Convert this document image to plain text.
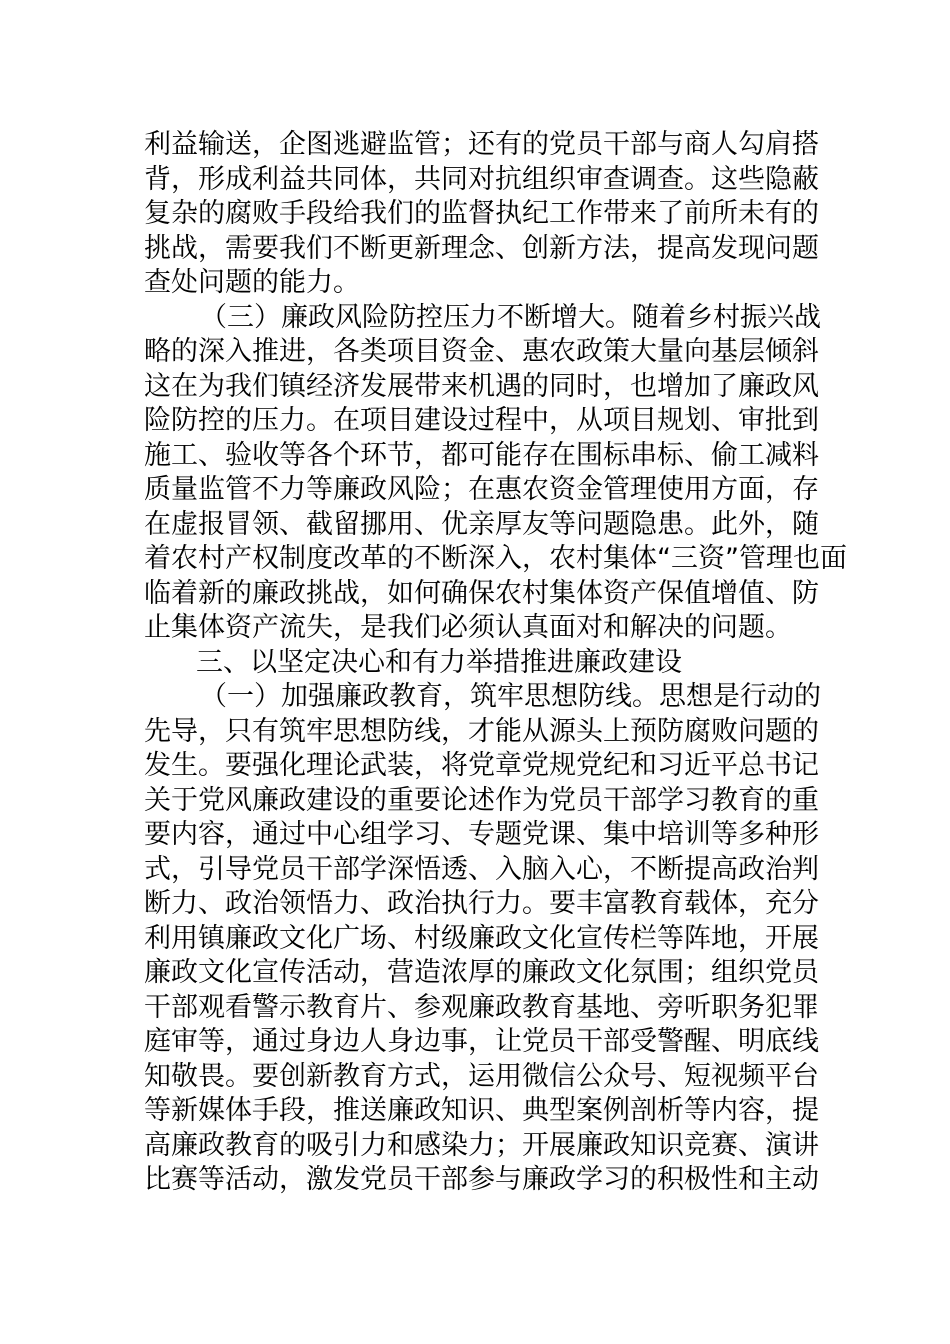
利益输送，企图逃避监管；还有的党员干部与商人勾肩搭
背，形成利益共同体，共同对抗组织审查调查。这些隐蔽
复杂的腐败手段给我们的监督执纪工作带来了前所未有的
挑战，需要我们不断更新理念、创新方法，提高发现问题
查处问题的能力。
（三）廉政风险防控压力不断增大。随着乡村振兴战
略的深入推进，各类项目资金、惠农政策大量向基层倾斜
这在为我们镇经济发展带来机遇的同时，也增加了廉政风
险防控的压力。在项目建设过程中，从项目规划、审批到
施工、验收等各个环节，都可能存在围标串标、偷工减料
质量监管不力等廉政风险；在惠农资金管理使用方面，存
在虚报冒领、截留挪用、优亲厚友等问题隐患。此外，随
着农村产权制度改革的不断深入，农村集体“三资”管理也面
临着新的廉政挑战，如何确保农村集体资产保值增值、防
止集体资产流失，是我们必须认真面对和解决的问题。
三、以坚定决心和有力举措推进廉政建设
（一）加强廉政教育，筑牢思想防线。思想是行动的
先导，只有筑牢思想防线，才能从源头上预防腐败问题的
发生。要强化理论武装，将党章党规党纪和习近平总书记
关于党风廉政建设的重要论述作为党员干部学习教育的重
要内容，通过中心组学习、专题党课、集中培训等多种形
式，引导党员干部学深悟透、入脑入心，不断提高政治判
断力、政治领悟力、政治执行力。要丰富教育载体，充分
利用镇廉政文化广场、村级廉政文化宣传栏等阵地，开展
廉政文化宣传活动，营造浓厚的廉政文化氛围；组织党员
干部观看警示教育片、参观廉政教育基地、旁听职务犯罪
庭审等，通过身边人身边事，让党员干部受警醒、明底线
知敬畏。要创新教育方式，运用微信公众号、短视频平台
等新媒体手段，推送廉政知识、典型案例剖析等内容，提
高廉政教育的吸引力和感染力；开展廉政知识竞赛、演讲
比赛等活动，激发党员干部参与廉政学习的积极性和主动
